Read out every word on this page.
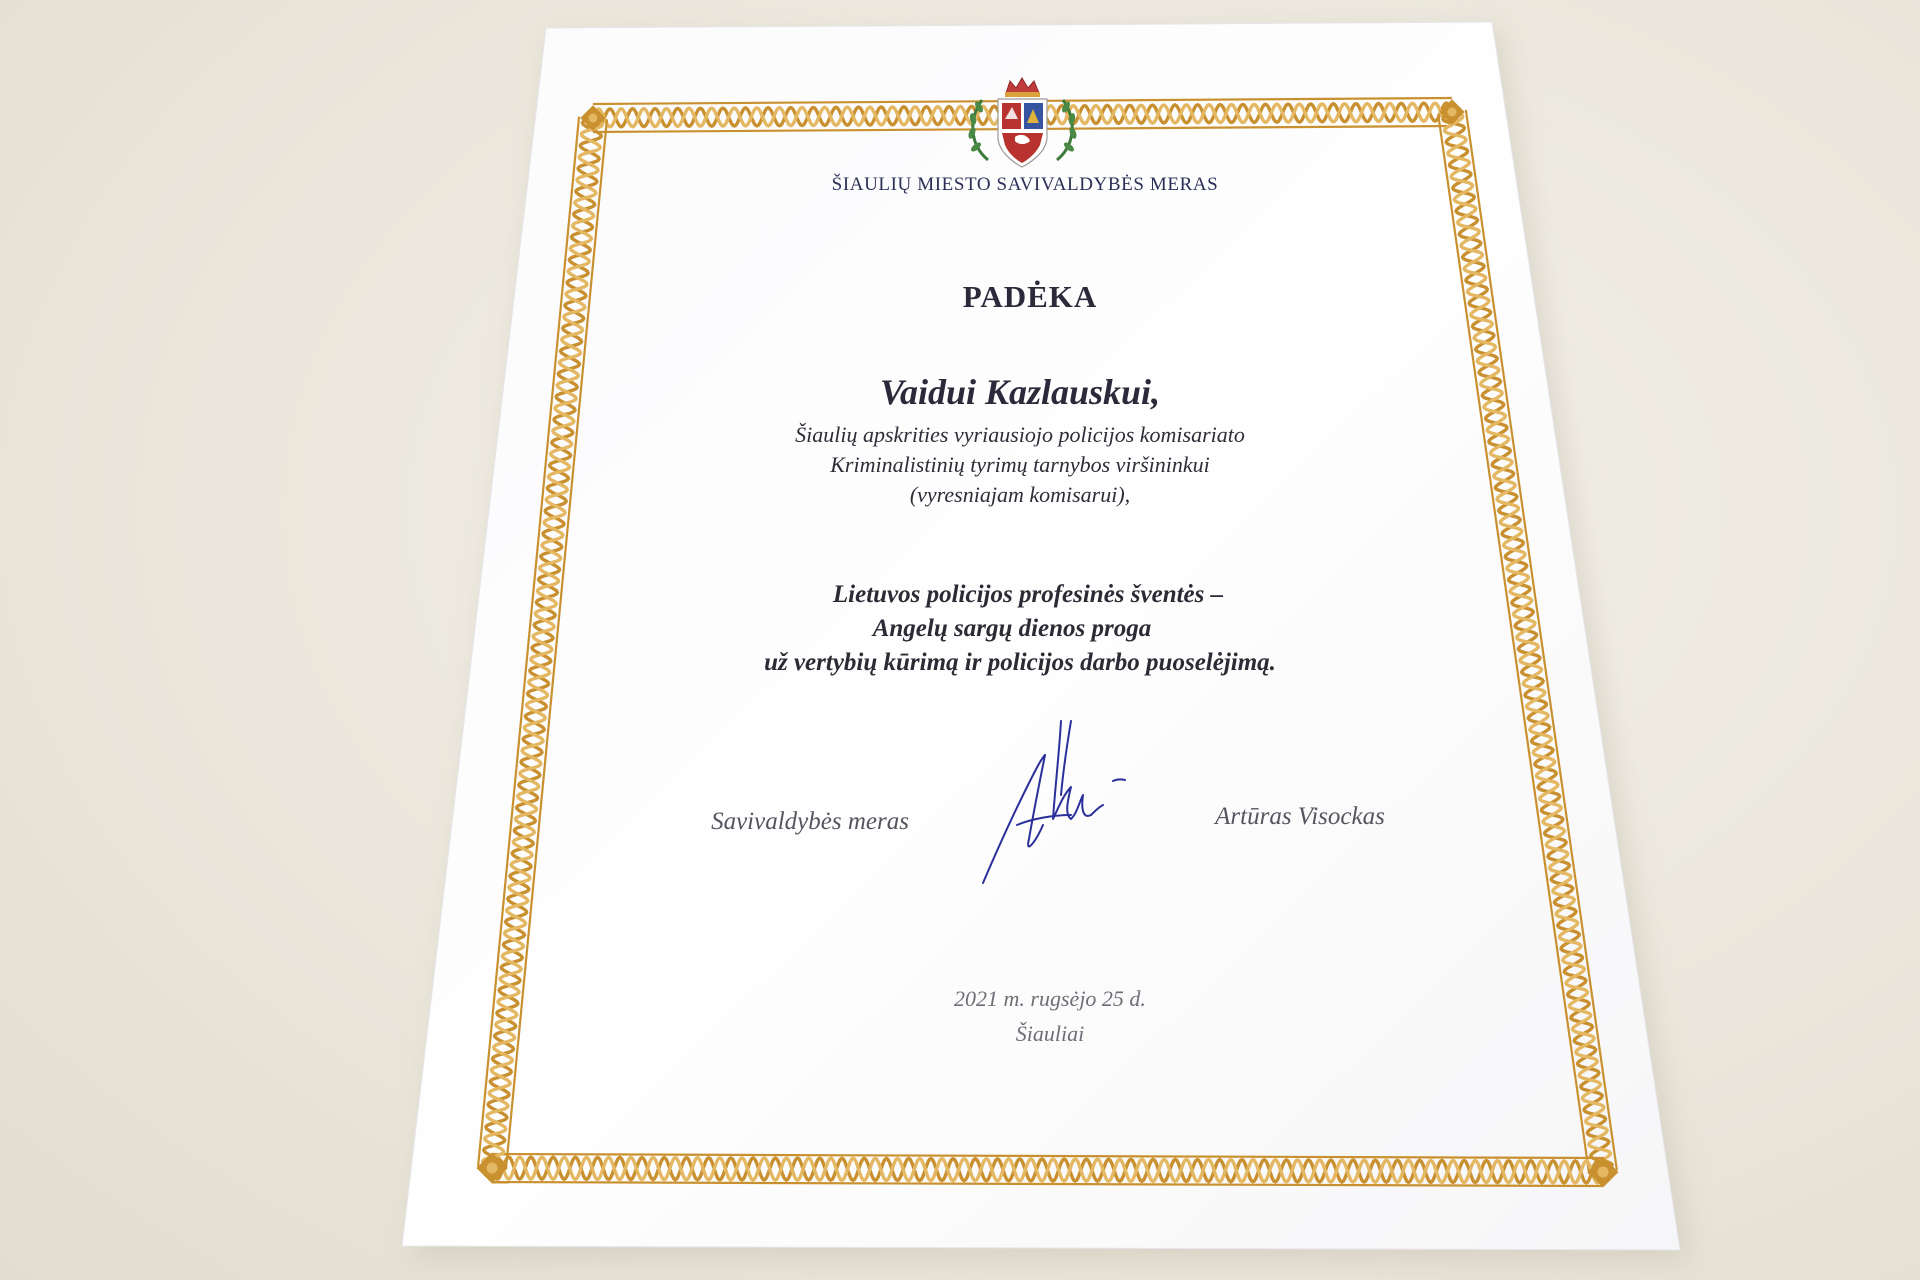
ŠIAULIŲ MIESTO SAVIVALDYBĖS MERAS
PADĖKA
Vaidui Kazlauskui,
Šiaulių apskrities vyriausiojo policijos komisariato
Kriminalistinių tyrimų tarnybos viršininkui
(vyresniajam komisarui),
Lietuvos policijos profesinės šventės –
Angelų sargų dienos proga
už vertybių kūrimą ir policijos darbo puoselėjimą.
Savivaldybės meras	Artūras Visockas
2021 m. rugsėjo 25 d.
Šiauliai
